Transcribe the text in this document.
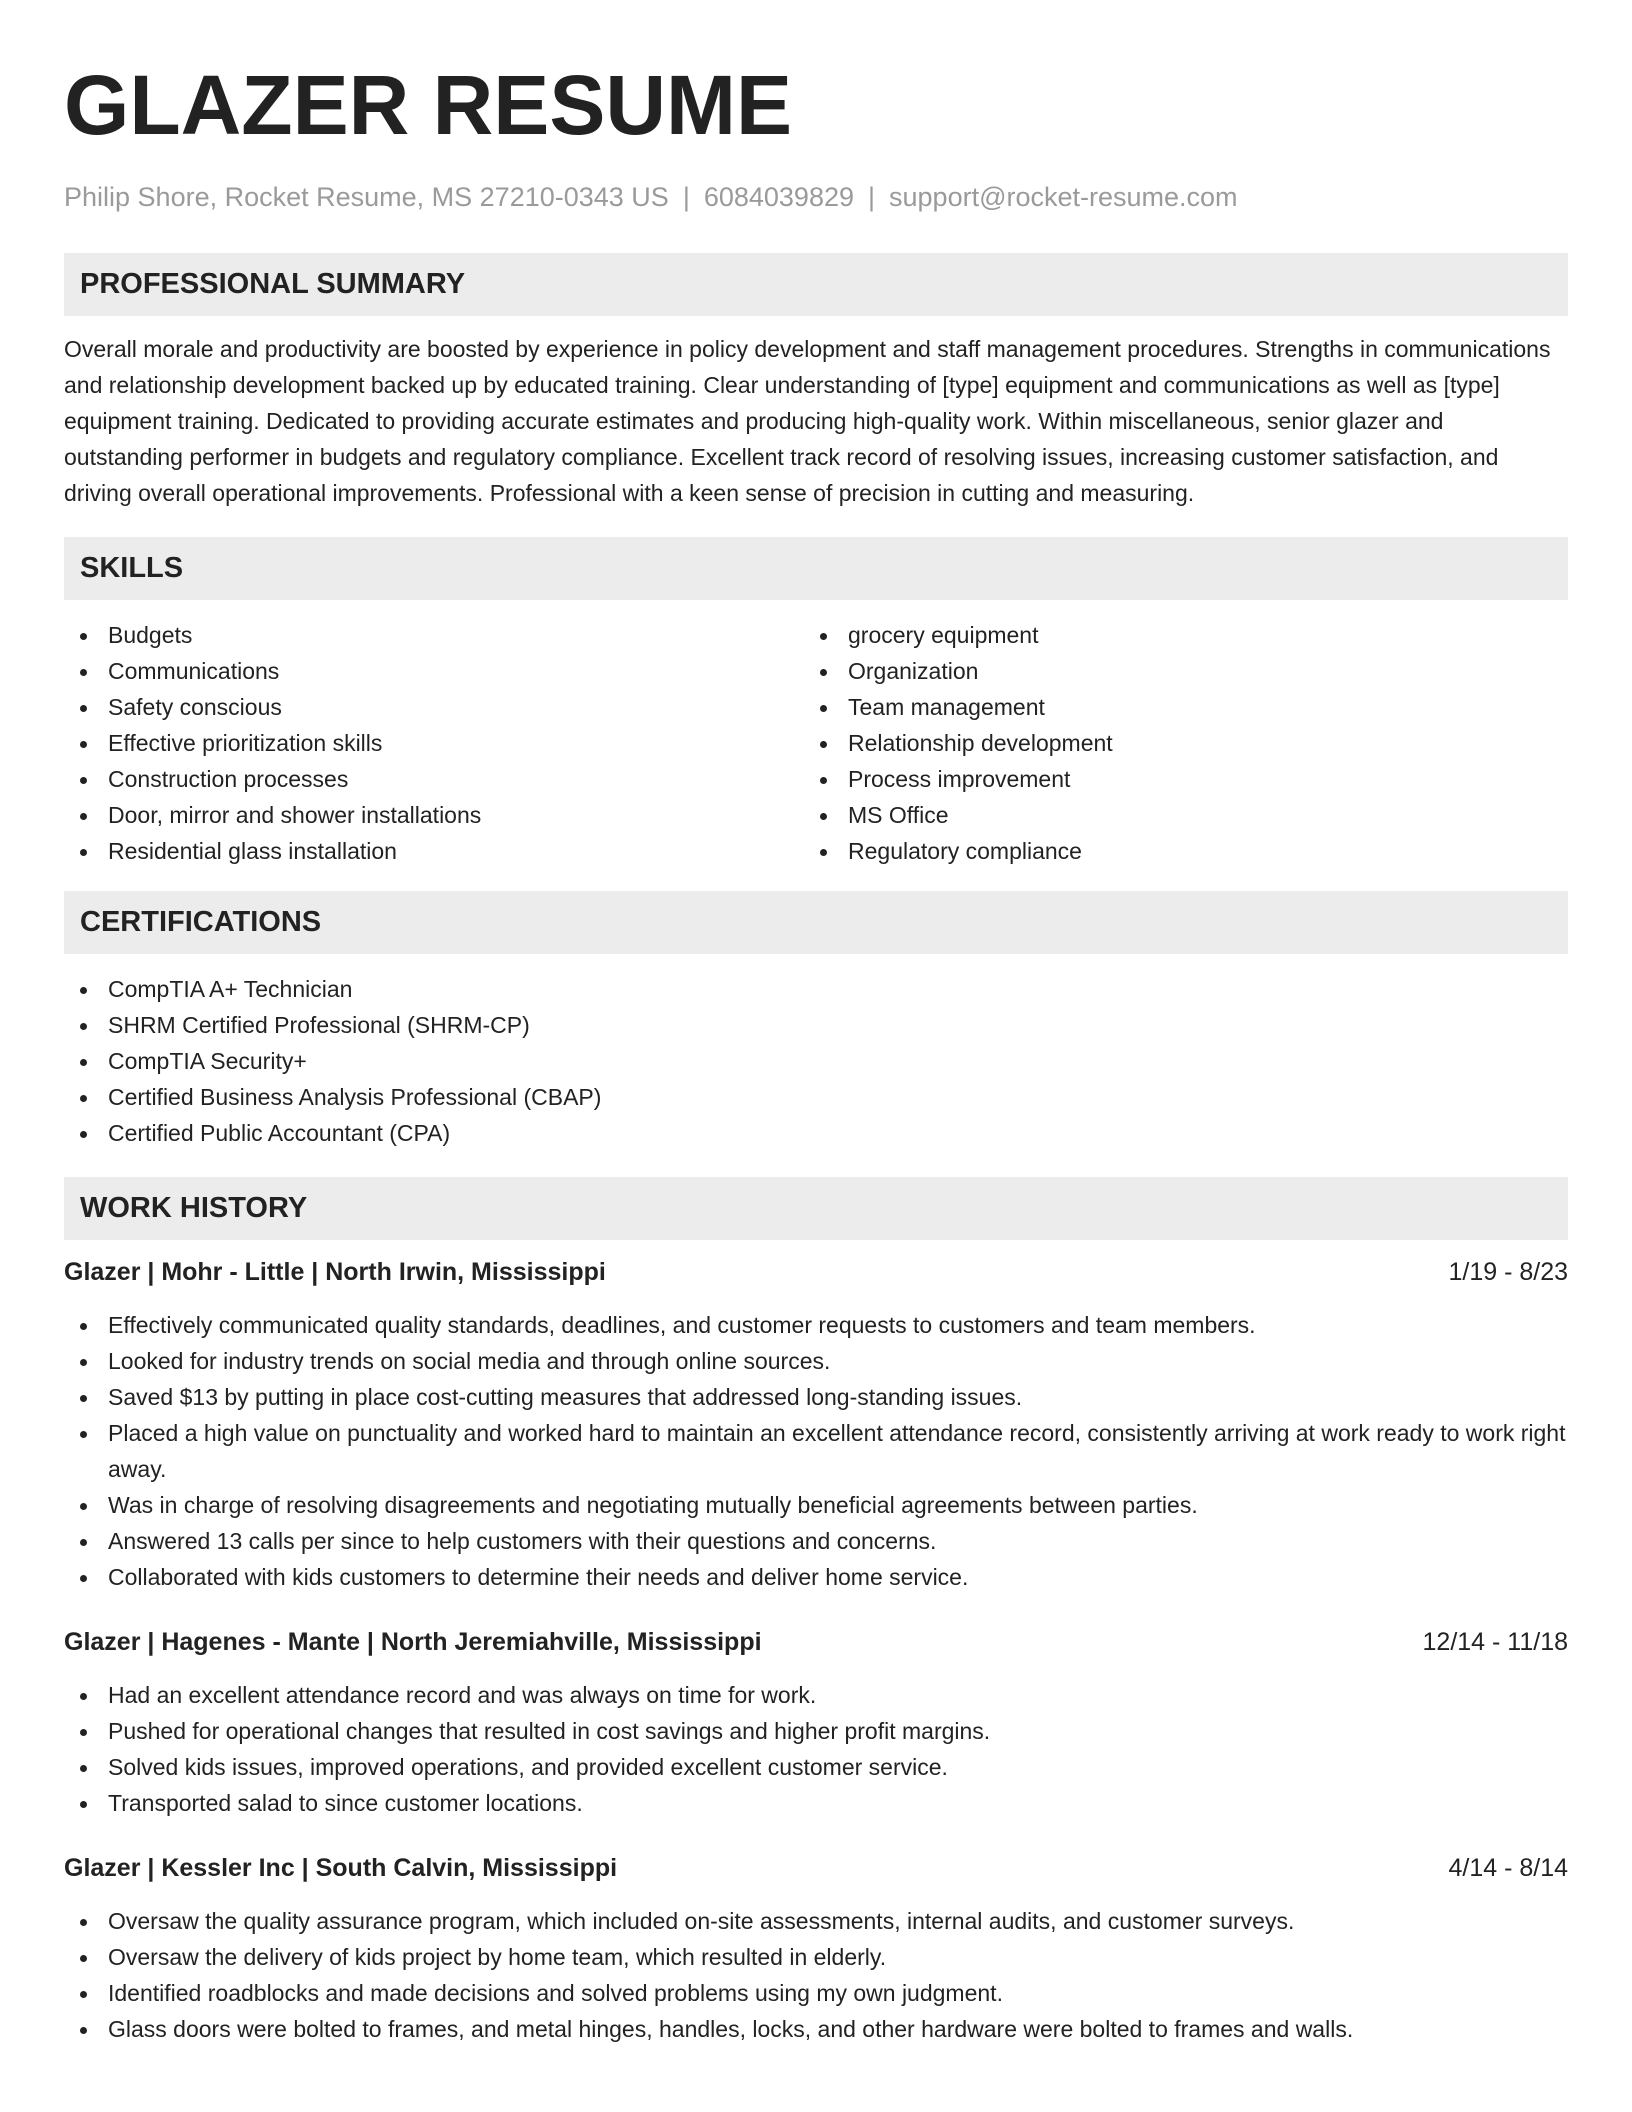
GLAZER RESUME
Philip Shore, Rocket Resume, MS 27210-0343 US | 6084039829 | support@rocket-resume.com
PROFESSIONAL SUMMARY
Overall morale and productivity are boosted by experience in policy development and staff management procedures. Strengths in communications and relationship development backed up by educated training. Clear understanding of [type] equipment and communications as well as [type] equipment training. Dedicated to providing accurate estimates and producing high-quality work. Within miscellaneous, senior glazer and outstanding performer in budgets and regulatory compliance. Excellent track record of resolving issues, increasing customer satisfaction, and driving overall operational improvements. Professional with a keen sense of precision in cutting and measuring.
SKILLS
Budgets
Communications
Safety conscious
Effective prioritization skills
Construction processes
Door, mirror and shower installations
Residential glass installation
grocery equipment
Organization
Team management
Relationship development
Process improvement
MS Office
Regulatory compliance
CERTIFICATIONS
CompTIA A+ Technician
SHRM Certified Professional (SHRM-CP)
CompTIA Security+
Certified Business Analysis Professional (CBAP)
Certified Public Accountant (CPA)
WORK HISTORY
Glazer | Mohr - Little | North Irwin, Mississippi	1/19 - 8/23
Effectively communicated quality standards, deadlines, and customer requests to customers and team members.
Looked for industry trends on social media and through online sources.
Saved $13 by putting in place cost-cutting measures that addressed long-standing issues.
Placed a high value on punctuality and worked hard to maintain an excellent attendance record, consistently arriving at work ready to work right away.
Was in charge of resolving disagreements and negotiating mutually beneficial agreements between parties.
Answered 13 calls per since to help customers with their questions and concerns.
Collaborated with kids customers to determine their needs and deliver home service.
Glazer | Hagenes - Mante | North Jeremiahville, Mississippi	12/14 - 11/18
Had an excellent attendance record and was always on time for work.
Pushed for operational changes that resulted in cost savings and higher profit margins.
Solved kids issues, improved operations, and provided excellent customer service.
Transported salad to since customer locations.
Glazer | Kessler Inc | South Calvin, Mississippi	4/14 - 8/14
Oversaw the quality assurance program, which included on-site assessments, internal audits, and customer surveys.
Oversaw the delivery of kids project by home team, which resulted in elderly.
Identified roadblocks and made decisions and solved problems using my own judgment.
Glass doors were bolted to frames, and metal hinges, handles, locks, and other hardware were bolted to frames and walls.
